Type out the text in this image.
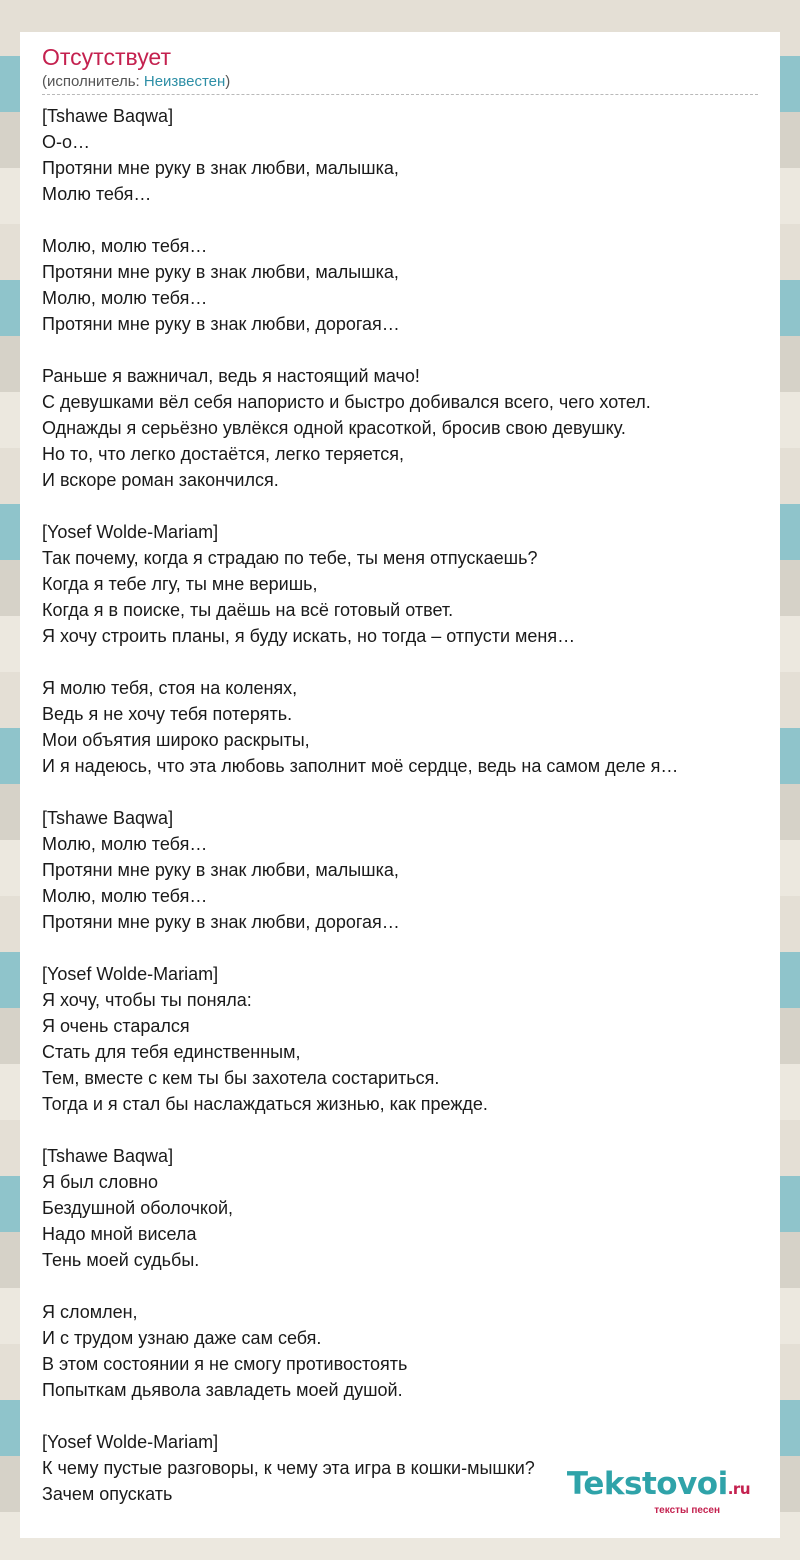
Отсутствует
(исполнитель: Неизвестен)
[Tshawe Baqwa]
О-о…
Протяни мне руку в знак любви, малышка,
Молю тебя…
Молю, молю тебя…
Протяни мне руку в знак любви, малышка,
Молю, молю тебя…
Протяни мне руку в знак любви, дорогая…
Раньше я важничал, ведь я настоящий мачо!
С девушками вёл себя напористо и быстро добивался всего, чего хотел.
Однажды я серьёзно увлёкся одной красоткой, бросив свою девушку.
Но то, что легко достаётся, легко теряется,
И вскоре роман закончился.
[Yosef Wolde-Mariam]
Так почему, когда я страдаю по тебе, ты меня отпускаешь?
Когда я тебе лгу, ты мне веришь,
Когда я в поиске, ты даёшь на всё готовый ответ.
Я хочу строить планы, я буду искать, но тогда – отпусти меня…
Я молю тебя, стоя на коленях,
Ведь я не хочу тебя потерять.
Мои объятия широко раскрыты,
И я надеюсь, что эта любовь заполнит моё сердце, ведь на самом деле я…
[Tshawe Baqwa]
Молю, молю тебя…
Протяни мне руку в знак любви, малышка,
Молю, молю тебя…
Протяни мне руку в знак любви, дорогая…
[Yosef Wolde-Mariam]
Я хочу, чтобы ты поняла:
Я очень старался
Стать для тебя единственным,
Тем, вместе с кем ты бы захотела состариться.
Тогда и я стал бы наслаждаться жизнью, как прежде.
[Tshawe Baqwa]
Я был словно
Бездушной оболочкой,
Надо мной висела
Тень моей судьбы.
Я сломлен,
И с трудом узнаю даже сам себя.
В этом состоянии я не смогу противостоять
Попыткам дьявола завладеть моей душой.
[Yosef Wolde-Mariam]
К чему пустые разговоры, к чему эта игра в кошки-мышки?
Зачем опускать	Tekstovoi.ru
тексты песен
